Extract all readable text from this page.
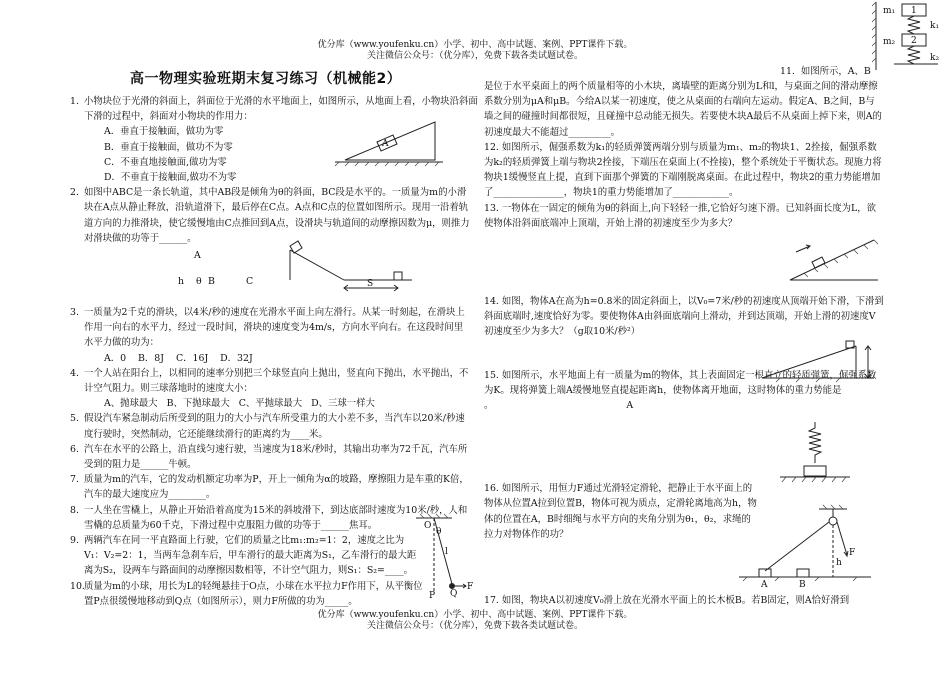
优分库（www.youfenku.cn）小学、初中、高中试题、案例、PPT课件下载。
关注微信公众号：（优分库），免费下载各类试题试卷。
高一物理实验班期末复习练习（机械能2）
1. 小物块位于光滑的斜面上，斜面位于光滑的水平地面上，如图所示，从地面上看，小物块沿斜面下滑的过程中，斜面对小物块的作用力：

A．垂直于接触面，做功为零

B．垂直于接触面，做功不为零

C．不垂直地接触面,做功为零

D．不垂直于接触面,做功不为零

2. 如图中ABC是一条长轨道，其中AB段是倾角为θ的斜面，BC段是水平的。一质量为m的小滑块在A点从静止释放，沿轨道滑下，最后停在C点。A点和C点的位置如图所示。现用一沿着轨道方向的力推滑块，使它缓慢地由C点推回到A点，设滑块与轨道间的动摩擦因数为μ，则推力对滑块做的功等于______。

A
h θ B	C
3. 一质量为2千克的滑块，以4米/秒的速度在光滑水平面上向左滑行。从某一时刻起，在滑块上作用一向右的水平力，经过一段时间，滑块的速度变为4m/s，方向水平向右。在这段时间里水平力做的功为：

A．0 B．8J C．16J D．32J

4. 一个人站在阳台上，以相同的速率分别把三个球竖直向上抛出，竖直向下抛出，水平抛出，不计空气阻力。则三球落地时的速度大小：

A、抛球最大 B、下抛球最大 C、平抛球最大 D、三球一样大

5. 假设汽车紧急制动后所受到的阻力的大小与汽车所受重力的大小差不多，当汽车以20米/秒速度行驶时，突然制动，它还能继续滑行的距离约为____米。

6. 汽车在水平的公路上，沿直线匀速行驶，当速度为18米/秒时，其输出功率为72千瓦，汽车所受到的阻力是______牛顿。

7. 质量为m的汽车，它的发动机额定功率为P，开上一倾角为α的坡路，摩擦阻力是车重的K倍，汽车的最大速度应为________。

8. 一人坐在雪橇上，从静止开始沿着高度为15米的斜坡滑下，到达底部时速度为10米/秒，人和雪橇的总质量为60千克，下滑过程中克服阻力做的功等于______焦耳。

9. 两辆汽车在同一平直路面上行驶，它们的质量之比m₁:m₂=1：2，速度之比为V₁：V₂=2：1，当两车急刹车后，甲车滑行的最大距离为S₁，乙车滑行的最大距离为S₂，设两车与路面间的动摩擦因数相等，不计空气阻力，则S₁：S₂=____。

10. 质量为m的小球，用长为L的轻绳悬挂于O点，小球在水平拉力F作用下，从平衡位置P点很缓慢地移动到Q点（如图所示），则力F所做的功为_____。

A
S
O
θ
l
F
Q
P
11. 如图所示，A、B

是位于水平桌面上的两个质量相等的小木块，离墙壁的距离分别为L和l，与桌面之间的滑动摩擦系数分别为μA和μB。今给A以某一初速度，使之从桌面的右端向左运动。假定A、B之间，B与墙之间的碰撞时间都很短，且碰撞中总动能无损失。若要使木块A最后不从桌面上掉下来，则A的初速度最大不能超过_________。

12. 如图所示，倔强系数为k₁的轻质弹簧两端分别与质量为m₁、m₂的物块1、2拴接，倔强系数为k₂的轻质弹簧上端与物块2拴接，下端压在桌面上(不拴接)，整个系统处于平衡状态。现施力将物块1缓慢竖直上提，直到下面那个弹簧的下端刚脱离桌面。在此过程中，物块2的重力势能增加了_______________，物块1的重力势能增加了____________。

13. 一物体在一固定的倾角为θ的斜面上,向下轻轻一推,它恰好匀速下滑。已知斜面长度为L，欲使物体沿斜面底端冲上顶端，开始上滑的初速度至少为多大？

14. 如图，物体A在高为h=0.8米的固定斜面上，以V₀=7米/秒的初速度从顶端开始下滑，下滑到斜面底端时,速度恰好为零。要使物体A由斜面底端向上滑动，并到达顶端，开始上滑的初速度V初速度至少为多大？（g取10米/秒²）

15. 如图所示，水平地面上有一质量为m的物体，其上表面固定一根直立的轻质弹簧，倔强系数为K。现将弹簧上端A缓慢地竖直提起距离h，使物体离开地面，这时物体的重力势能是

。	A

16. 如图所示，用恒力F通过光滑轻定滑轮，把静止于水平面上的物体从位置A拉到位置B，物体可视为质点，定滑轮离地高为h，物体的位置在A，B时细绳与水平方向的夹角分别为θ₁，θ₂，求绳的拉力对物体作的功？
17. 如图，物块A以初速度V₀滑上放在光滑水平面上的长木板B。若B固定，则A恰好滑到
1
2
m₁
m₂
k₁
k₂
F
h
A	B
优分库（www.youfenku.cn）小学、初中、高中试题、案例、PPT课件下载。
关注微信公众号：（优分库），免费下载各类试题试卷。
